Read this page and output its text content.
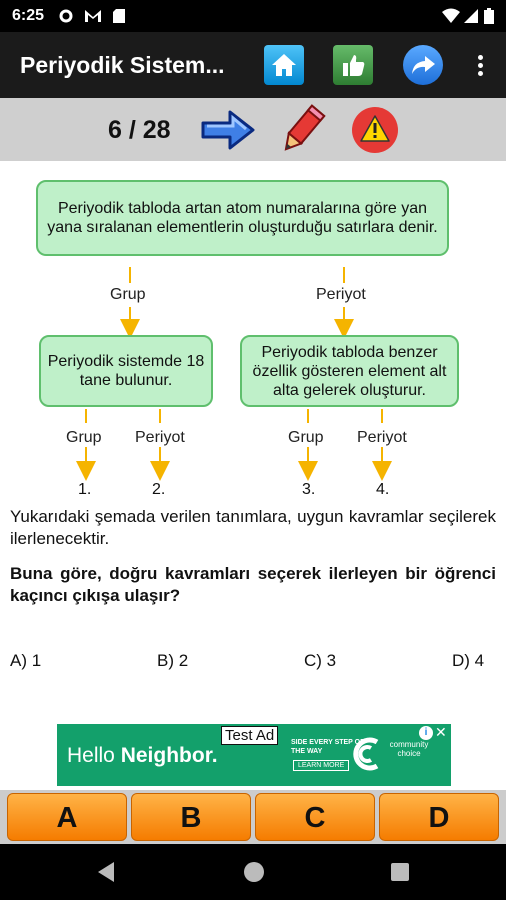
6:25
Periyodik Sistem...
6 / 28
Periyodik tabloda artan atom numaralarına göre yan yana sıralanan elementlerin oluşturduğu satırlara denir.
Grup	Periyot
Periyodik sistemde 18 tane bulunur.
Periyodik tabloda benzer özellik gösteren element alt alta gelerek oluşturur.
Grup Periyot	Grup Periyot
1.	2.	3.	4.
Yukarıdaki şemada verilen tanımlara, uygun kavramlar seçilerek ilerlenecektir.
Buna göre, doğru kavramları seçerek ilerleyen bir öğrenci kaçıncı çıkışa ulaşır?
A) 1	B) 2	C) 3	D) 4
Hello Neighbor.
Test Ad	SIDE EVERY STEP OF THE WAY
LEARN MORE
community choice
i ✕
A	B	C	D
